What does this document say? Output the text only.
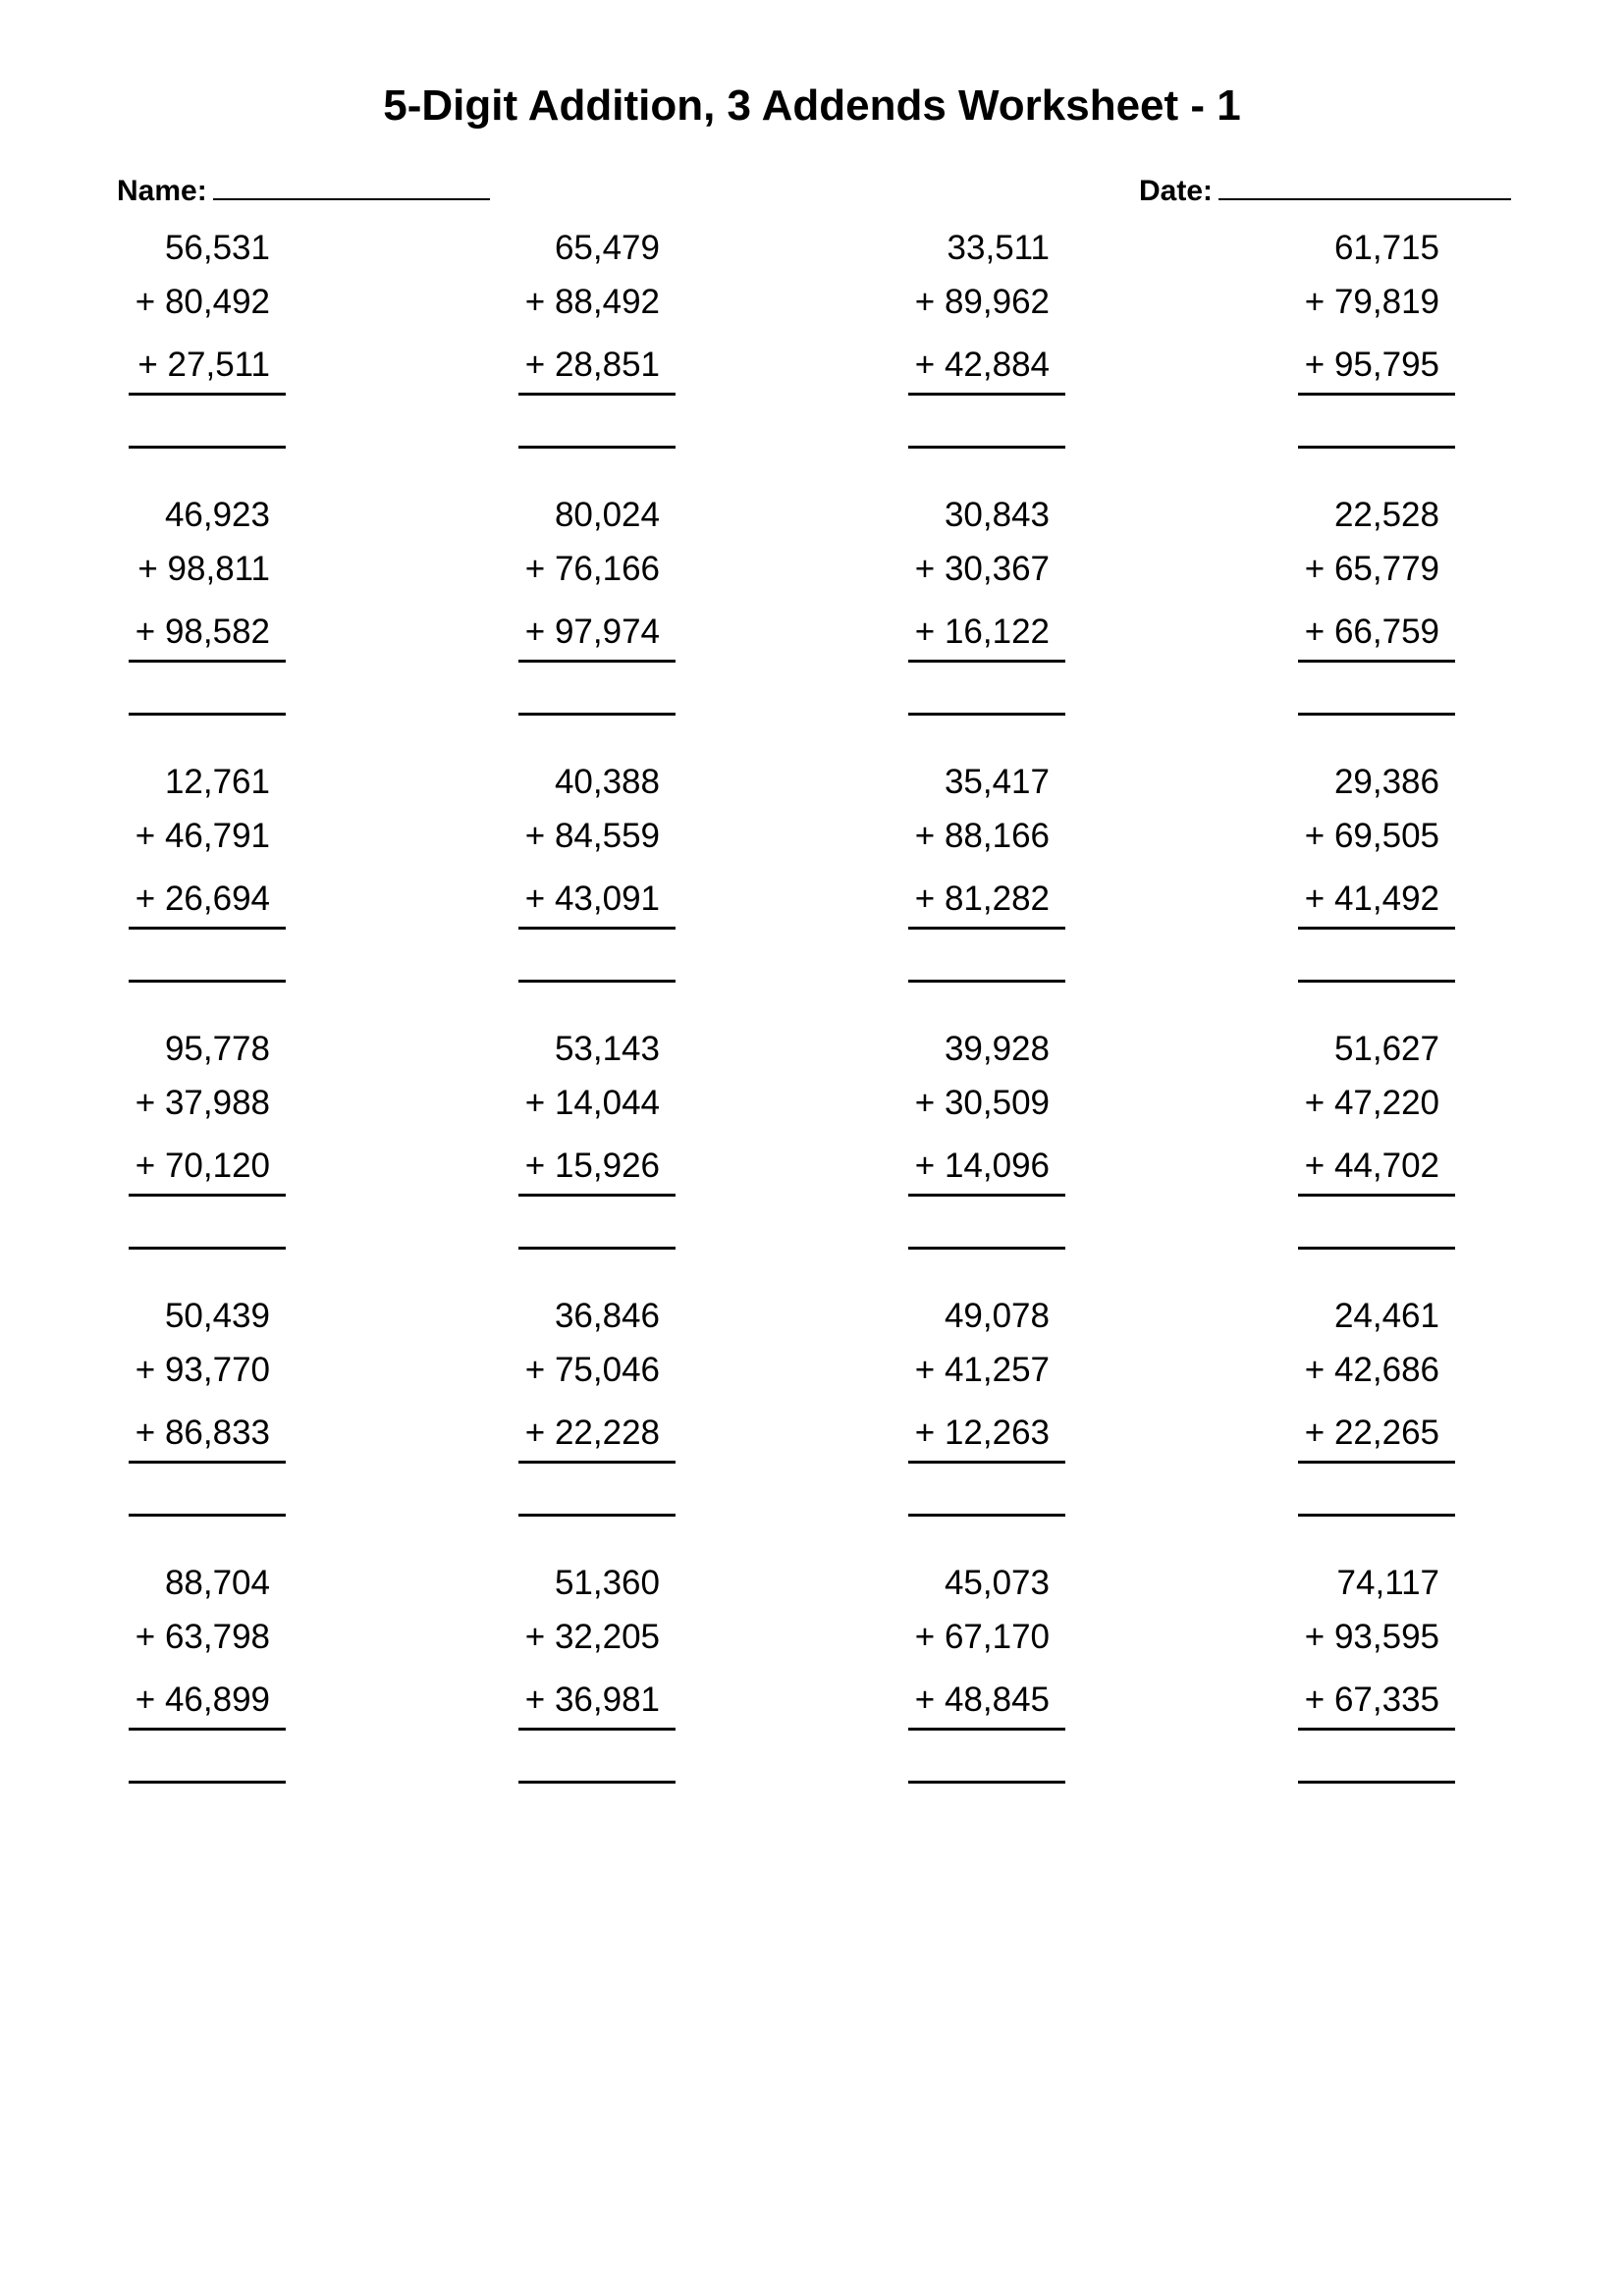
5-Digit Addition, 3 Addends Worksheet - 1
Name:	Date:
56,531
+ 80,492
+ 27,511
65,479
+ 88,492
+ 28,851
33,511
+ 89,962
+ 42,884
61,715
+ 79,819
+ 95,795
46,923
+ 98,811
+ 98,582
80,024
+ 76,166
+ 97,974
30,843
+ 30,367
+ 16,122
22,528
+ 65,779
+ 66,759
12,761
+ 46,791
+ 26,694
40,388
+ 84,559
+ 43,091
35,417
+ 88,166
+ 81,282
29,386
+ 69,505
+ 41,492
95,778
+ 37,988
+ 70,120
53,143
+ 14,044
+ 15,926
39,928
+ 30,509
+ 14,096
51,627
+ 47,220
+ 44,702
50,439
+ 93,770
+ 86,833
36,846
+ 75,046
+ 22,228
49,078
+ 41,257
+ 12,263
24,461
+ 42,686
+ 22,265
88,704
+ 63,798
+ 46,899
51,360
+ 32,205
+ 36,981
45,073
+ 67,170
+ 48,845
74,117
+ 93,595
+ 67,335
